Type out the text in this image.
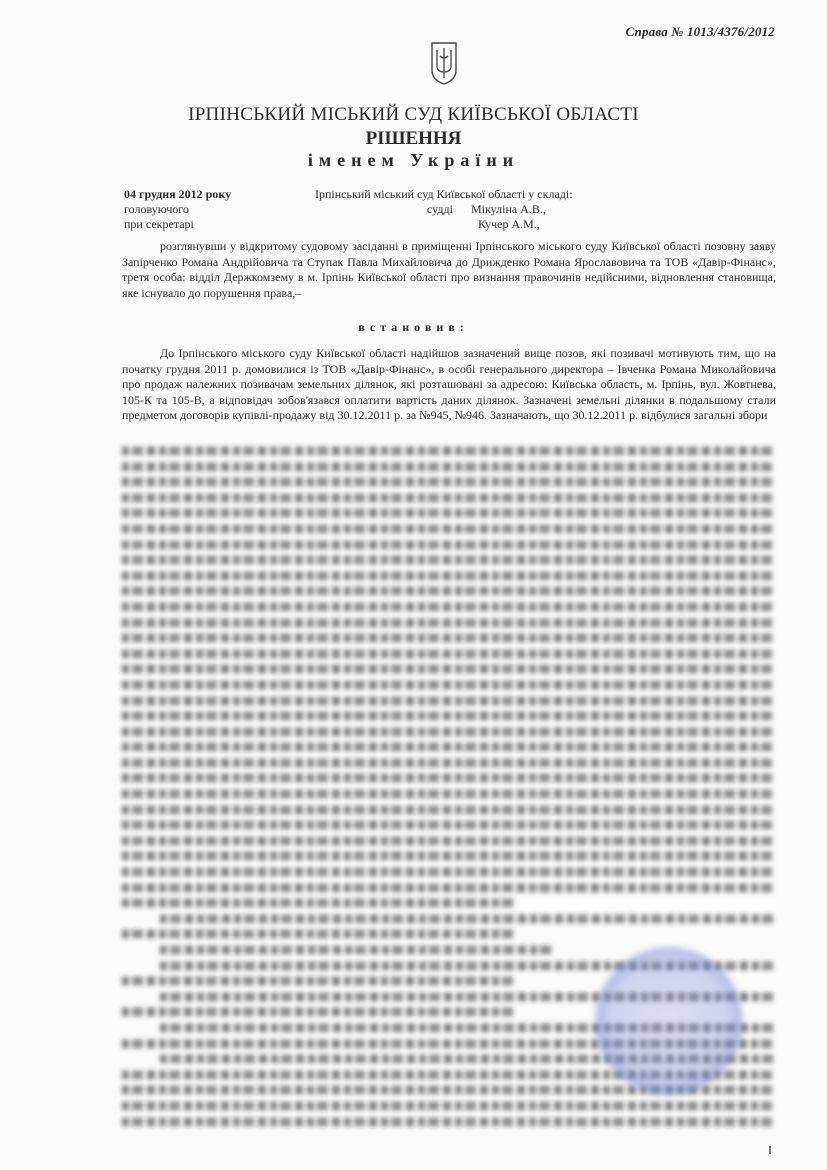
Справа № 1013/4376/2012
ІРПІНСЬКИЙ МІСЬКИЙ СУД КИЇВСЬКОЇ ОБЛАСТІ
РІШЕННЯ
іменем України
04 грудня 2012 року
головуючого
при секретарі
Ірпінський міський суд Київської області у складі:
судді	Мікуліна А.В.,
Кучер А.М.,
розглянувши у відкритому судовому засіданні в приміщенні Ірпінського міського суду Київської області позовну заяву Запірченко Романа Андрійовича та Ступак Павла Михайловича до Дрижденко Романа Ярославовича та ТОВ «Давір-Фінанс», третя особа: відділ Держкомзему в м. Ірпінь Київської області про визнання правочинів недійсними, відновлення становища, яке існувало до порушення права,–
встановив:
До Ірпінського міського суду Київської області надійшов зазначений вище позов, які позивачі мотивують тим, що на початку грудня 2011 р. домовилися із ТОВ «Давір-Фінанс», в особі генерального директора – Івченка Романа Миколайовича про продаж належних позивачам земельних ділянок, які розташовані за адресою: Київська область, м. Ірпінь, вул. Жовтнева, 105-К та 105-В, а відповідач зобов'язався оплатити вартість даних ділянок. Зазначені земельні ділянки в подальшому стали предметом договорів купівлі-продажу від 30.12.2011 р. за №945, №946. Зазначають, що 30.12.2011 р. відбулися загальні збори
